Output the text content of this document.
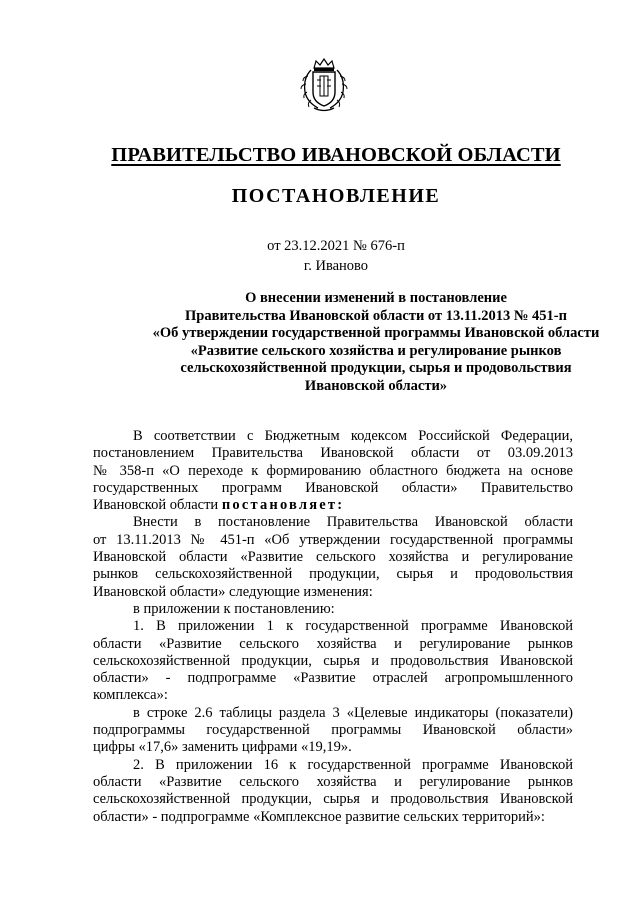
ПРАВИТЕЛЬСТВО ИВАНОВСКОЙ ОБЛАСТИ
ПОСТАНОВЛЕНИЕ
от 23.12.2021 № 676-п
г. Иваново
О внесении изменений в постановление
Правительства Ивановской области от 13.11.2013 № 451-п
«Об утверждении государственной программы Ивановской области
«Развитие сельского хозяйства и регулирование рынков
сельскохозяйственной продукции, сырья и продовольствия
Ивановской области»
В соответствии с Бюджетным кодексом Российской Федерации,
постановлением Правительства Ивановской области от 03.09.2013
№ 358-п «О переходе к формированию областного бюджета на основе
государственных программ Ивановской области» Правительство
Ивановской области постановляет:
Внести в постановление Правительства Ивановской области
от 13.11.2013 № 451-п «Об утверждении государственной программы
Ивановской области «Развитие сельского хозяйства и регулирование
рынков сельскохозяйственной продукции, сырья и продовольствия
Ивановской области» следующие изменения:
в приложении к постановлению:
1. В приложении 1 к государственной программе Ивановской
области «Развитие сельского хозяйства и регулирование рынков
сельскохозяйственной продукции, сырья и продовольствия Ивановской
области» - подпрограмме «Развитие отраслей агропромышленного
комплекса»:
в строке 2.6 таблицы раздела 3 «Целевые индикаторы (показатели)
подпрограммы государственной программы Ивановской области»
цифры «17,6» заменить цифрами «19,19».
2. В приложении 16 к государственной программе Ивановской
области «Развитие сельского хозяйства и регулирование рынков
сельскохозяйственной продукции, сырья и продовольствия Ивановской
области» - подпрограмме «Комплексное развитие сельских территорий»:
